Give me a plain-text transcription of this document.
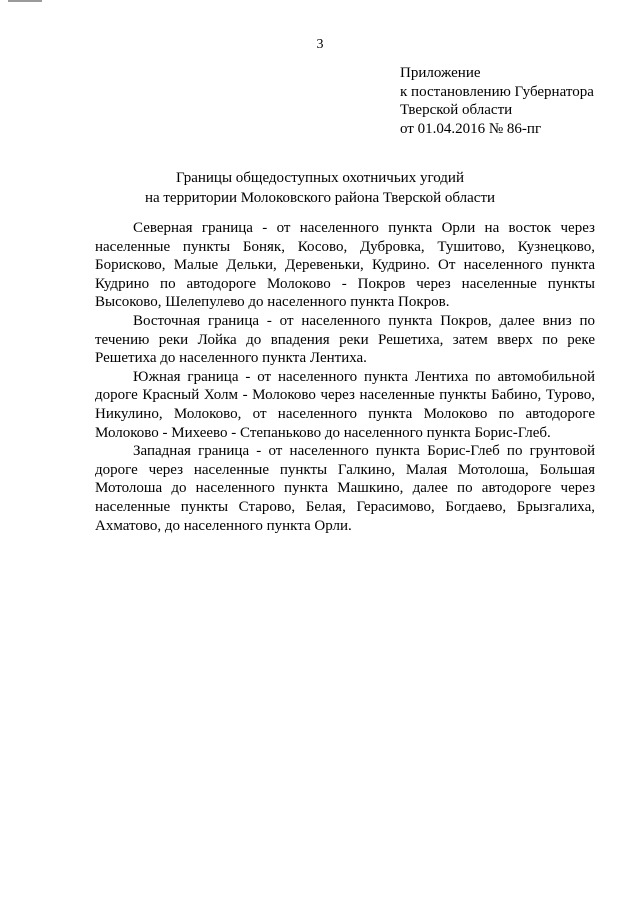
3
Приложение
к постановлению Губернатора
Тверской области
от 01.04.2016 № 86-пг
Границы общедоступных охотничьих угодий
на территории Молоковского района Тверской области
Северная граница - от населенного пункта Орли на восток через
населенные пункты Боняк, Косово, Дубровка, Тушитово, Кузнецково,
Борисково, Малые Дельки, Деревеньки, Кудрино. От населенного пункта
Кудрино по автодороге Молоково - Покров через населенные пункты
Высоково, Шелепулево до населенного пункта Покров.
Восточная граница - от населенного пункта Покров, далее вниз по
течению реки Лойка до впадения реки Решетиха, затем вверх по реке
Решетиха до населенного пункта Лентиха.
Южная граница - от населенного пункта Лентиха по автомобильной
дороге Красный Холм - Молоково через населенные пункты Бабино, Турово,
Никулино, Молоково, от населенного пункта Молоково по автодороге
Молоково - Михеево - Степаньково до населенного пункта Борис-Глеб.
Западная граница - от населенного пункта Борис-Глеб по грунтовой
дороге через населенные пункты Галкино, Малая Мотолоша, Большая
Мотолоша до населенного пункта Машкино, далее по автодороге через
населенные пункты Старово, Белая, Герасимово, Богдаево, Брызгалиха,
Ахматово, до населенного пункта Орли.
